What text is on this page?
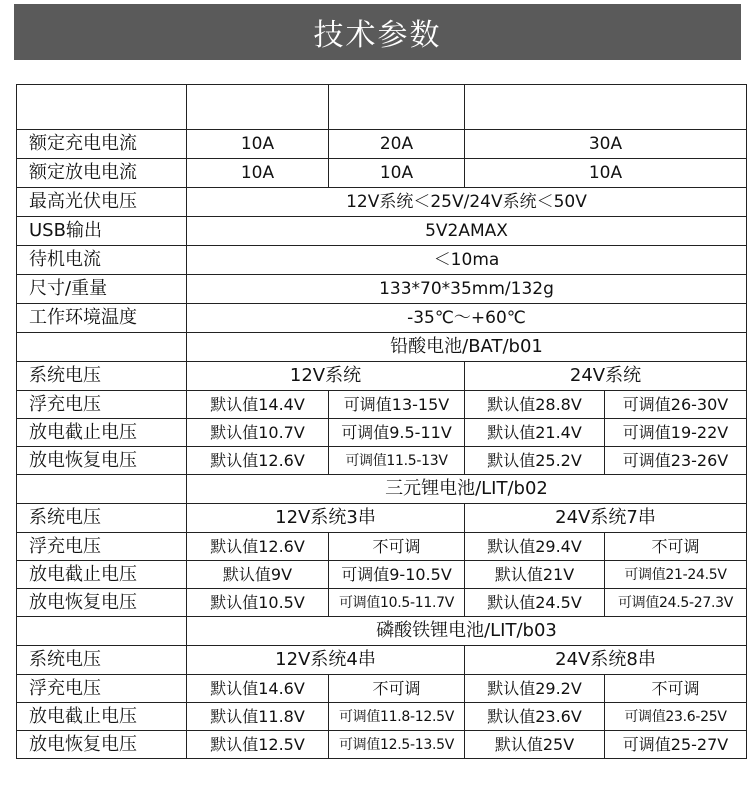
技术参数

额定充电电流	10A	20A	30A	
额定放电电流	10A	10A	10A	
最高光伏电压	12V系统＜25V/24V系统＜50V			
USB输出	5V2AMAX			
待机电流	＜10ma			
尺寸/重量	133*70*35mm/132g			
工作环境温度	-35℃～+60℃			
	铅酸电池/BAT/b01			
系统电压	12V系统		24V系统	
浮充电压	默认值14.4V	可调值13-15V	默认值28.8V	可调值26-30V
放电截止电压	默认值10.7V	可调值9.5-11V	默认值21.4V	可调值19-22V
放电恢复电压	默认值12.6V	可调值11.5-13V	默认值25.2V	可调值23-26V
	三元锂电池/LIT/b02			
系统电压	12V系统3串		24V系统7串	
浮充电压	默认值12.6V	不可调	默认值29.4V	不可调
放电截止电压	默认值9V	可调值9-10.5V	默认值21V	可调值21-24.5V
放电恢复电压	默认值10.5V	可调值10.5-11.7V	默认值24.5V	可调值24.5-27.3V
	磷酸铁锂电池/LIT/b03			
系统电压	12V系统4串		24V系统8串	
浮充电压	默认值14.6V	不可调	默认值29.2V	不可调
放电截止电压	默认值11.8V	可调值11.8-12.5V	默认值23.6V	可调值23.6-25V
放电恢复电压	默认值12.5V	可调值12.5-13.5V	默认值25V	可调值25-27V
